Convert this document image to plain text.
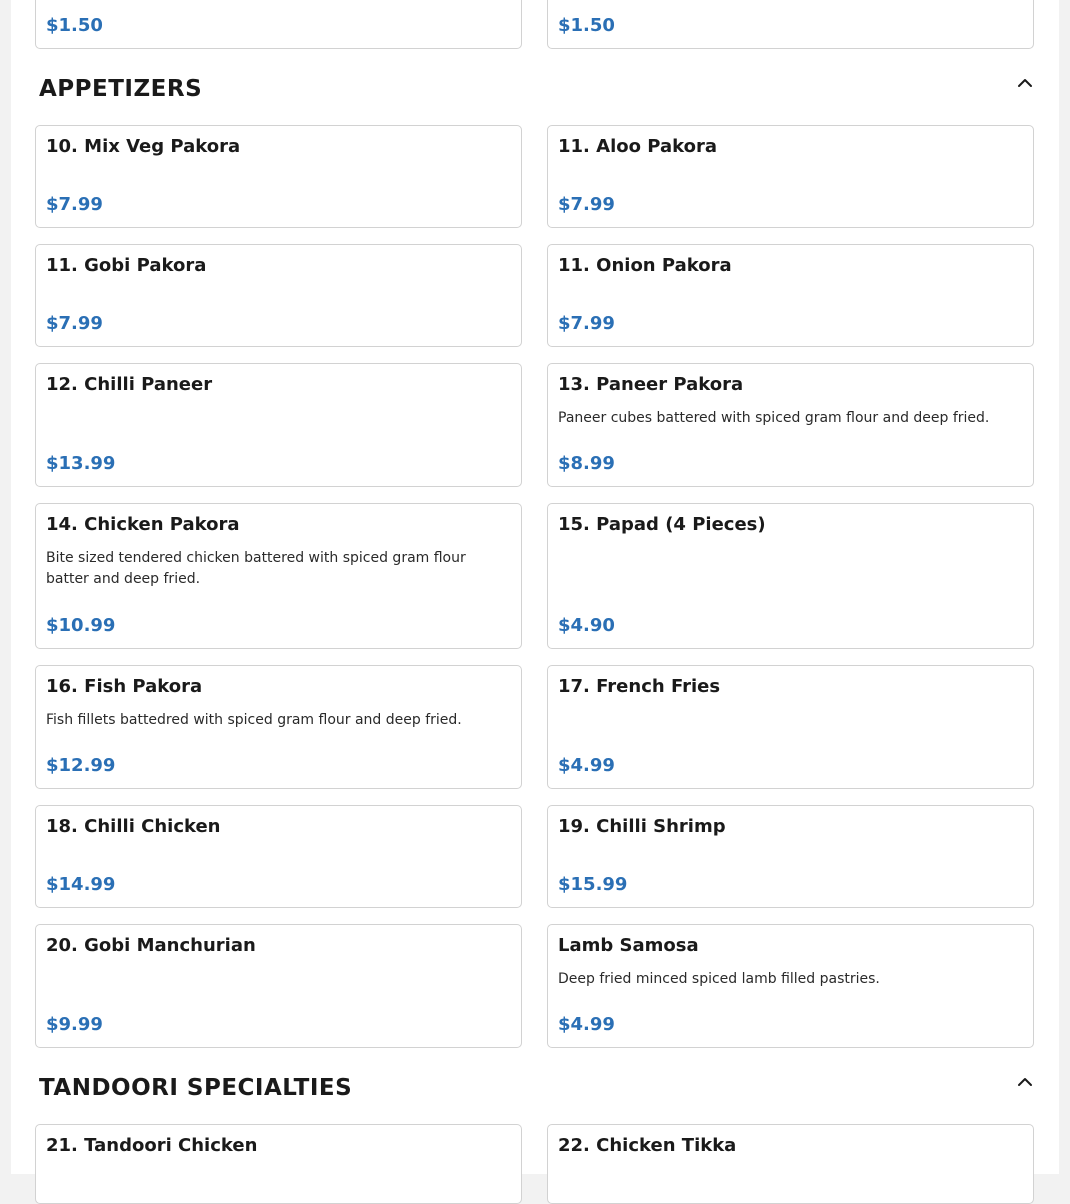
$1.50	$1.50
APPETIZERS
10. Mix Veg Pakora
$7.99
11. Aloo Pakora
$7.99
11. Gobi Pakora
$7.99
11. Onion Pakora
$7.99
12. Chilli Paneer
$13.99
13. Paneer Pakora
Paneer cubes battered with spiced gram flour and deep fried.
$8.99
14. Chicken Pakora
Bite sized tendered chicken battered with spiced gram flour batter and deep fried.
$10.99
15. Papad (4 Pieces)
$4.90
16. Fish Pakora
Fish fillets battedred with spiced gram flour and deep fried.
$12.99
17. French Fries
$4.99
18. Chilli Chicken
$14.99
19. Chilli Shrimp
$15.99
20. Gobi Manchurian
$9.99
Lamb Samosa
Deep fried minced spiced lamb filled pastries.
$4.99
TANDOORI SPECIALTIES
21. Tandoori Chicken	22. Chicken Tikka
